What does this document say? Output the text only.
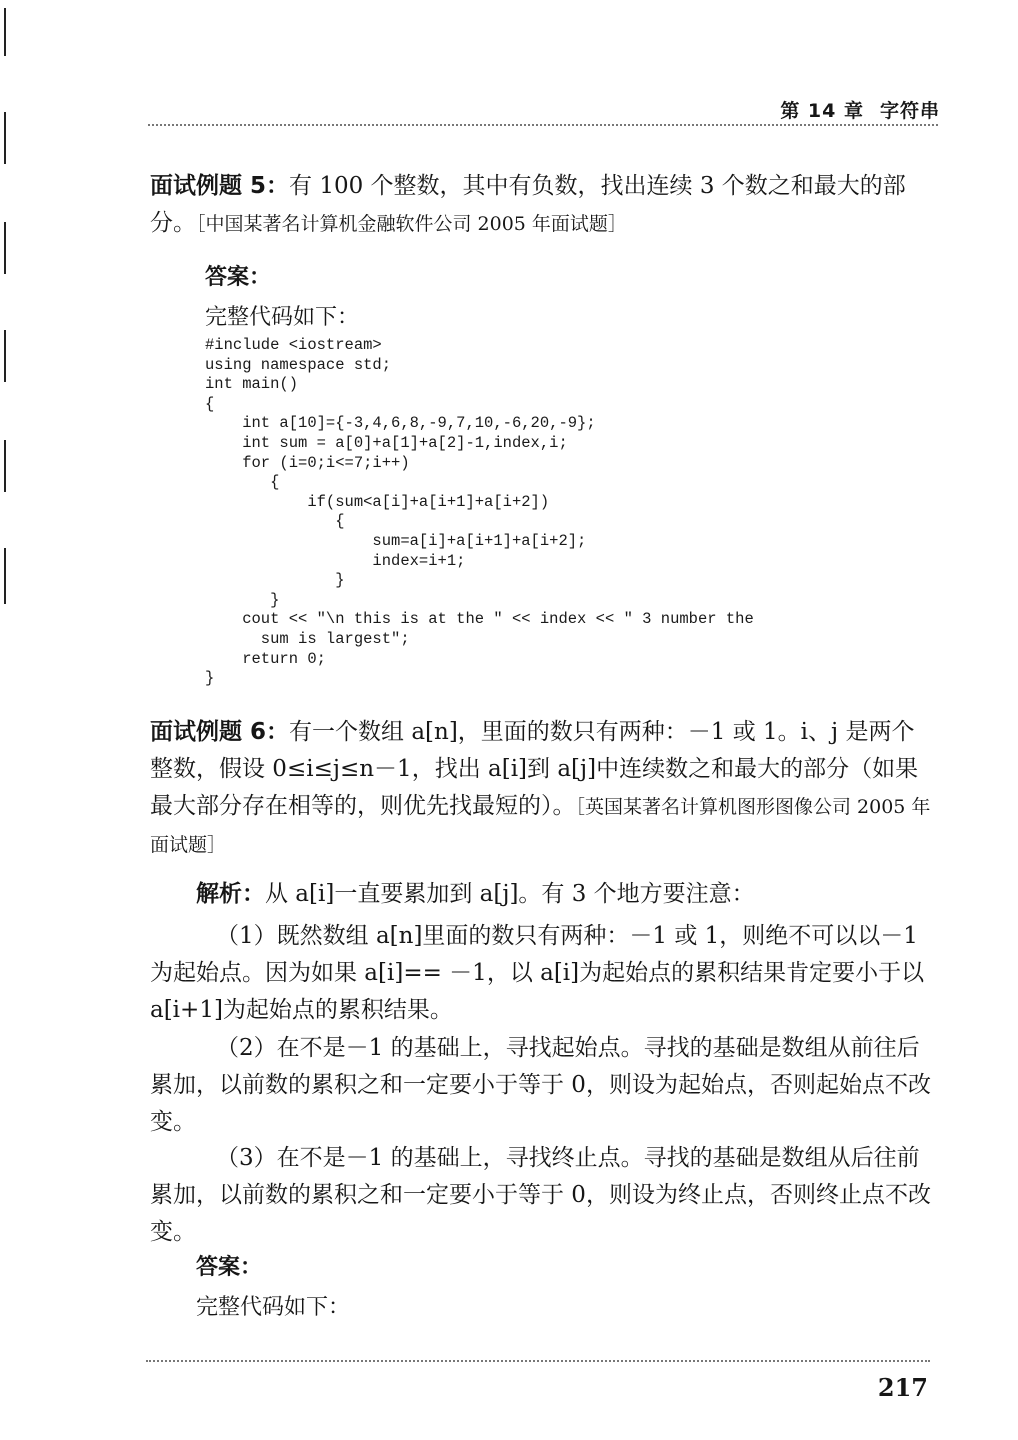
第 14 章 字符串

面试例题 5：有 100 个整数，其中有负数，找出连续 3 个数之和最大的部分。［中国某著名计算机金融软件公司 2005 年面试题］

答案：
完整代码如下：
#include <iostream>
using namespace std;
int main()
{
int a[10]={-3,4,6,8,-9,7,10,-6,20,-9};
int sum = a[0]+a[1]+a[2]-1,index,i;
for (i=0;i<=7;i++)
{
if(sum<a[i]+a[i+1]+a[i+2])
{
sum=a[i]+a[i+1]+a[i+2];
index=i+1;
}
}
cout << "\n this is at the " << index << " 3 number the
sum is largest";
return 0;
}

面试例题 6：有一个数组 a[n]，里面的数只有两种：－1 或 1。i、j 是两个整数，假设 0≤i≤j≤n－1，找出 a[i]到 a[j]中连续数之和最大的部分（如果最大部分存在相等的，则优先找最短的）。［英国某著名计算机图形图像公司 2005 年面试题］

解析：从 a[i]一直要累加到 a[j]。有 3 个地方要注意：

（1）既然数组 a[n]里面的数只有两种：－1 或 1，则绝不可以以－1 为起始点。因为如果 a[i]== －1，以 a[i]为起始点的累积结果肯定要小于以 a[i+1]为起始点的累积结果。

（2）在不是－1 的基础上，寻找起始点。寻找的基础是数组从前往后累加，以前数的累积之和一定要小于等于 0，则设为起始点，否则起始点不改变。

（3）在不是－1 的基础上，寻找终止点。寻找的基础是数组从后往前累加，以前数的累积之和一定要小于等于 0，则设为终止点，否则终止点不改变。

答案：
完整代码如下：
217
